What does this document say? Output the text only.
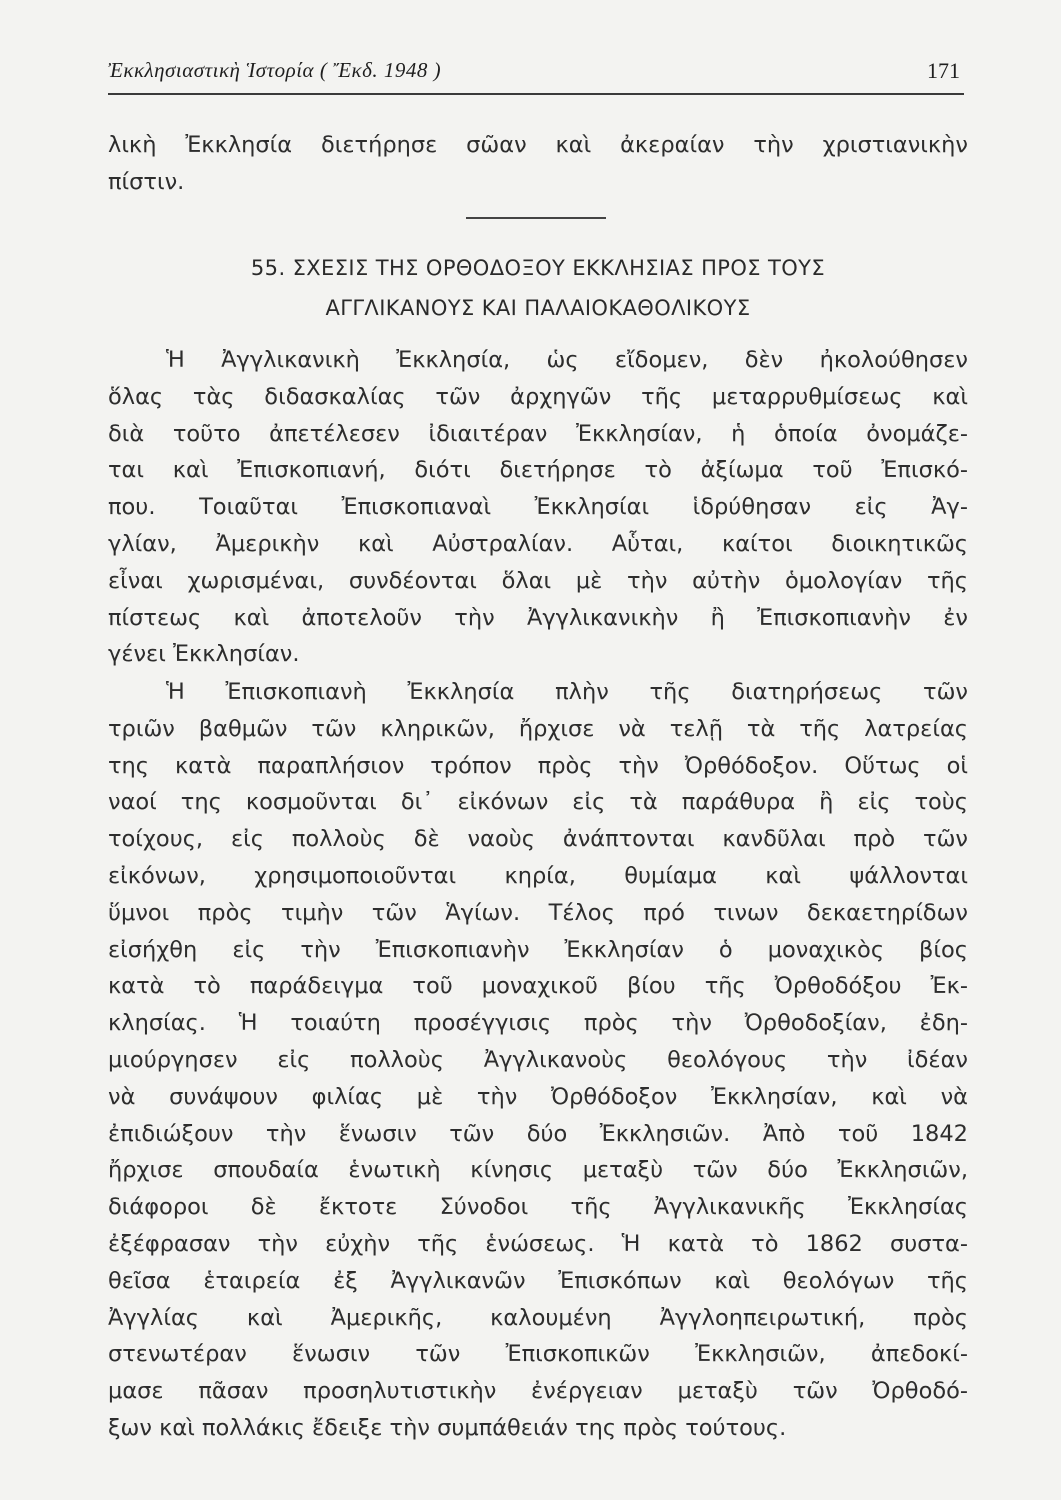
Ἐκκλησιαστικὴ Ἱστορία ( Ἔκδ. 1948 )	171
λικὴ Ἐκκλησία διετήρησε σῶαν καὶ ἀκεραίαν τὴν χριστιανικὴν
πίστιν.
55. ΣΧΕΣΙΣ ΤΗΣ ΟΡΘΟΔΟΞΟΥ ΕΚΚΛΗΣΙΑΣ ΠΡΟΣ ΤΟΥΣ
ΑΓΓΛΙΚΑΝΟΥΣ ΚΑΙ ΠΑΛΑΙΟΚΑΘΟΛΙΚΟΥΣ
Ἡ Ἀγγλικανικὴ Ἐκκλησία, ὡς εἴδομεν, δὲν ἠκολούθησεν
ὅλας τὰς διδασκαλίας τῶν ἀρχηγῶν τῆς μεταρρυθμίσεως καὶ
διὰ τοῦτο ἀπετέλεσεν ἰδιαιτέραν Ἐκκλησίαν, ἡ ὁποία ὀνομάζε-
ται καὶ Ἐπισκοπιανή, διότι διετήρησε τὸ ἀξίωμα τοῦ Ἐπισκό-
που. Τοιαῦται Ἐπισκοπιαναὶ Ἐκκλησίαι ἱδρύθησαν εἰς Ἀγ-
γλίαν, Ἀμερικὴν καὶ Αὐστραλίαν. Αὗται, καίτοι διοικητικῶς
εἶναι χωρισμέναι, συνδέονται ὅλαι μὲ τὴν αὐτὴν ὁμολογίαν τῆς
πίστεως καὶ ἀποτελοῦν τὴν Ἀγγλικανικὴν ἢ Ἐπισκοπιανὴν ἐν
γένει Ἐκκλησίαν.
Ἡ Ἐπισκοπιανὴ Ἐκκλησία πλὴν τῆς διατηρήσεως τῶν
τριῶν βαθμῶν τῶν κληρικῶν, ἤρχισε νὰ τελῇ τὰ τῆς λατρείας
της κατὰ παραπλήσιον τρόπον πρὸς τὴν Ὀρθόδοξον. Οὕτως οἱ
ναοί της κοσμοῦνται δι᾽ εἰκόνων εἰς τὰ παράθυρα ἢ εἰς τοὺς
τοίχους, εἰς πολλοὺς δὲ ναοὺς ἀνάπτονται κανδῦλαι πρὸ τῶν
εἰκόνων, χρησιμοποιοῦνται κηρία, θυμίαμα καὶ ψάλλονται
ὕμνοι πρὸς τιμὴν τῶν Ἁγίων. Τέλος πρό τινων δεκαετηρίδων
εἰσήχθη εἰς τὴν Ἐπισκοπιανὴν Ἐκκλησίαν ὁ μοναχικὸς βίος
κατὰ τὸ παράδειγμα τοῦ μοναχικοῦ βίου τῆς Ὀρθοδόξου Ἐκ-
κλησίας. Ἡ τοιαύτη προσέγγισις πρὸς τὴν Ὀρθοδοξίαν, ἐδη-
μιούργησεν εἰς πολλοὺς Ἀγγλικανοὺς θεολόγους τὴν ἰδέαν
νὰ συνάψουν φιλίας μὲ τὴν Ὀρθόδοξον Ἐκκλησίαν, καὶ νὰ
ἐπιδιώξουν τὴν ἕνωσιν τῶν δύο Ἐκκλησιῶν. Ἀπὸ τοῦ 1842
ἤρχισε σπουδαία ἑνωτικὴ κίνησις μεταξὺ τῶν δύο Ἐκκλησιῶν,
διάφοροι δὲ ἔκτοτε Σύνοδοι τῆς Ἀγγλικανικῆς Ἐκκλησίας
ἐξέφρασαν τὴν εὐχὴν τῆς ἑνώσεως. Ἡ κατὰ τὸ 1862 συστα-
θεῖσα ἑταιρεία ἐξ Ἀγγλικανῶν Ἐπισκόπων καὶ θεολόγων τῆς
Ἀγγλίας καὶ Ἀμερικῆς, καλουμένη Ἀγγλοηπειρωτική, πρὸς
στενωτέραν ἕνωσιν τῶν Ἐπισκοπικῶν Ἐκκλησιῶν, ἀπεδοκί-
μασε πᾶσαν προσηλυτιστικὴν ἐνέργειαν μεταξὺ τῶν Ὀρθοδό-
ξων καὶ πολλάκις ἔδειξε τὴν συμπάθειάν της πρὸς τούτους.
